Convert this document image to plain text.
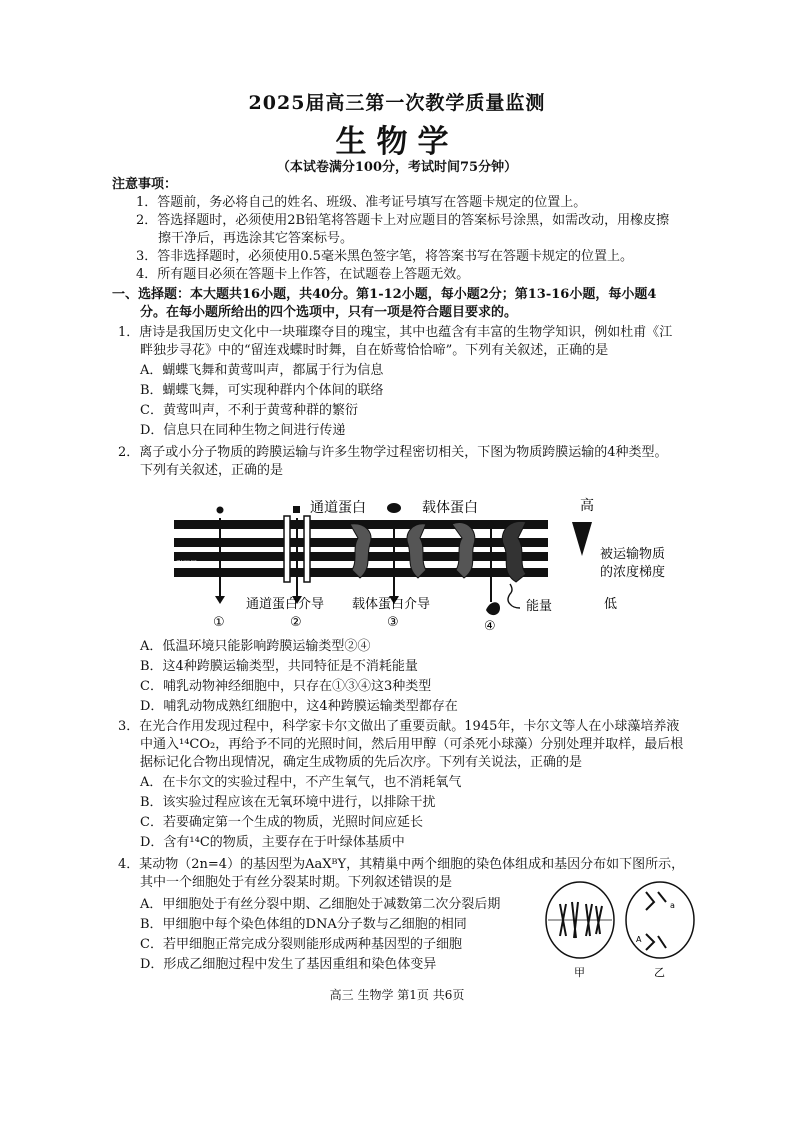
2025届高三第一次教学质量监测
生物学
（本试卷满分100分，考试时间75分钟）
注意事项：
1．答题前，务必将自己的姓名、班级、准考证号填写在答题卡规定的位置上。
2．答选择题时，必须使用2B铅笔将答题卡上对应题目的答案标号涂黑，如需改动，用橡皮擦
擦干净后，再选涂其它答案标号。
3．答非选择题时，必须使用0.5毫米黑色签字笔，将答案书写在答题卡规定的位置上。
4．所有题目必须在答题卡上作答，在试题卷上答题无效。
一、选择题：本大题共16小题，共40分。第1-12小题，每小题2分；第13-16小题，每小题4
分。在每小题所给出的四个选项中，只有一项是符合题目要求的。
1．唐诗是我国历史文化中一块璀璨夺目的瑰宝，其中也蕴含有丰富的生物学知识，例如杜甫《江
畔独步寻花》中的“留连戏蝶时时舞，自在娇莺恰恰啼”。下列有关叙述，正确的是
A．蝴蝶飞舞和黄莺叫声，都属于行为信息
B．蝴蝶飞舞，可实现种群内个体间的联络
C．黄莺叫声，不利于黄莺种群的繁衍
D．信息只在同种生物之间进行传递
2．离子或小分子物质的跨膜运输与许多生物学过程密切相关，下图为物质跨膜运输的4种类型。
下列有关叙述，正确的是
脂双层
①
通道蛋白
②
通道蛋白介导
载体蛋白
③
载体蛋白介导	能量
④
高
被运输物质
的浓度梯度
低
A．低温环境只能影响跨膜运输类型②④
B．这4种跨膜运输类型，共同特征是不消耗能量
C．哺乳动物神经细胞中，只存在①③④这3种类型
D．哺乳动物成熟红细胞中，这4种跨膜运输类型都存在
3．在光合作用发现过程中，科学家卡尔文做出了重要贡献。1945年，卡尔文等人在小球藻培养液
中通入¹⁴CO₂，再给予不同的光照时间，然后用甲醇（可杀死小球藻）分别处理并取样，最后根
据标记化合物出现情况，确定生成物质的先后次序。下列有关说法，正确的是
A．在卡尔文的实验过程中，不产生氧气，也不消耗氧气
B．该实验过程应该在无氧环境中进行，以排除干扰
C．若要确定第一个生成的物质，光照时间应延长
D．含有¹⁴C的物质，主要存在于叶绿体基质中
4．某动物（2n=4）的基因型为AaXᴮY，其精巢中两个细胞的染色体组成和基因分布如下图所示，
其中一个细胞处于有丝分裂某时期。下列叙述错误的是
A．甲细胞处于有丝分裂中期、乙细胞处于减数第二次分裂后期
B．甲细胞中每个染色体组的DNA分子数与乙细胞的相同
C．若甲细胞正常完成分裂则能形成两种基因型的子细胞
D．形成乙细胞过程中发生了基因重组和染色体变异
甲
a
A
乙
高三 生物学 第1页 共6页
